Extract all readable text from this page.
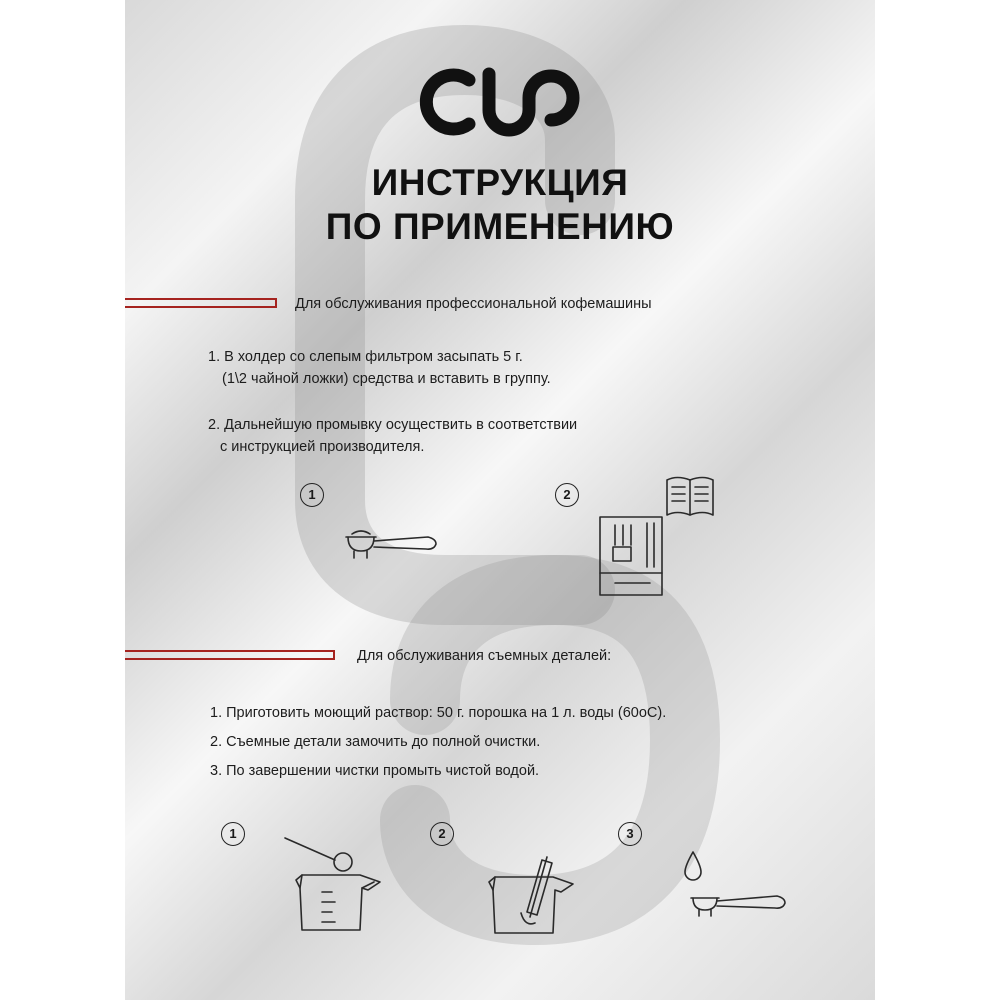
ИНСТРУКЦИЯ
ПО ПРИМЕНЕНИЮ
Для обслуживания профессиональной кофемашины
1. В холдер со слепым фильтром засыпать 5 г.
(1\2 чайной ложки) средства и вставить в группу.
2. Дальнейшую промывку осуществить в соответствии
с инструкцией производителя.
1	2
Для обслуживания съемных деталей:
1. Приготовить моющий раствор: 50 г. порошка на 1 л. воды (60оС).
2. Съемные детали замочить до полной очистки.
3. По завершении чистки промыть чистой водой.
1	2	3
